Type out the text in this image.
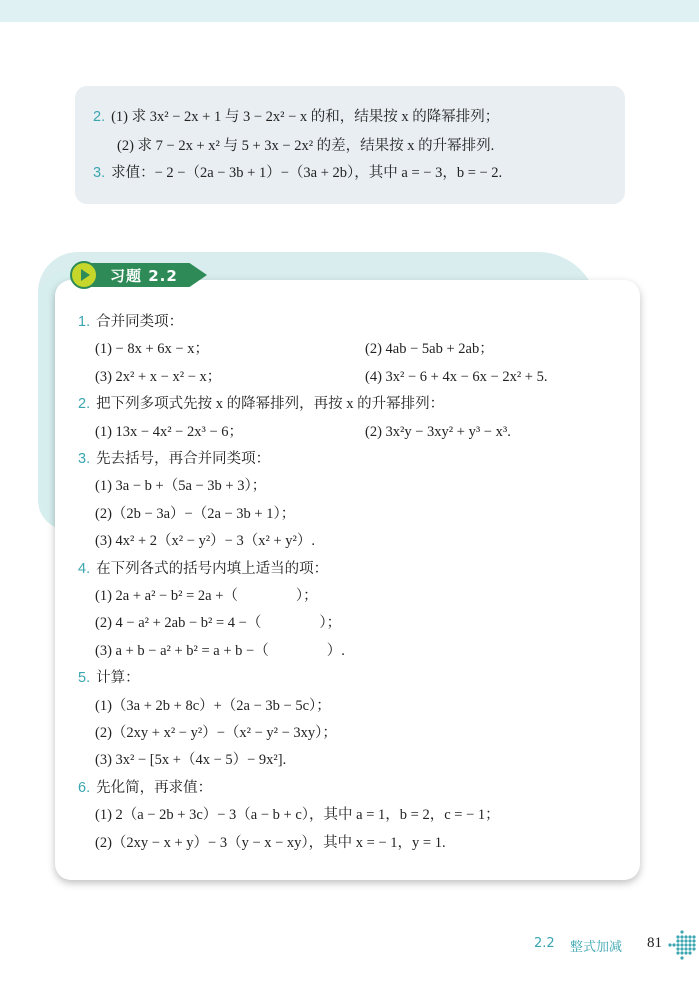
2. (1) 求 3x² − 2x + 1 与 3 − 2x² − x 的和，结果按 x 的降幂排列；
(2) 求 7 − 2x + x² 与 5 + 3x − 2x² 的差，结果按 x 的升幂排列.
3. 求值：− 2 −（2a − 3b + 1）−（3a + 2b），其中 a = − 3，b = − 2.
习题 2.2
1. 合并同类项：
(1) − 8x + 6x − x；	(2) 4ab − 5ab + 2ab；
(3) 2x² + x − x² − x；	(4) 3x² − 6 + 4x − 6x − 2x² + 5.
2. 把下列多项式先按 x 的降幂排列，再按 x 的升幂排列：
(1) 13x − 4x² − 2x³ − 6；	(2) 3x²y − 3xy² + y³ − x³.
3. 先去括号，再合并同类项：
(1) 3a − b +（5a − 3b + 3）；
(2)（2b − 3a）−（2a − 3b + 1）；
(3) 4x² + 2（x² − y²）− 3（x² + y²）.
4. 在下列各式的括号内填上适当的项：
(1) 2a + a² − b² = 2a +（　　　　）；
(2) 4 − a² + 2ab − b² = 4 −（　　　　）；
(3) a + b − a² + b² = a + b −（　　　　）.
5. 计算：
(1)（3a + 2b + 8c）+（2a − 3b − 5c）；
(2)（2xy + x² − y²）−（x² − y² − 3xy）；
(3) 3x² − [5x +（4x − 5）− 9x²].
6. 先化简，再求值：
(1) 2（a − 2b + 3c）− 3（a − b + c），其中 a = 1，b = 2，c = − 1；
(2)（2xy − x + y）− 3（y − x − xy），其中 x = − 1，y = 1.
2.2 整式加减 81
